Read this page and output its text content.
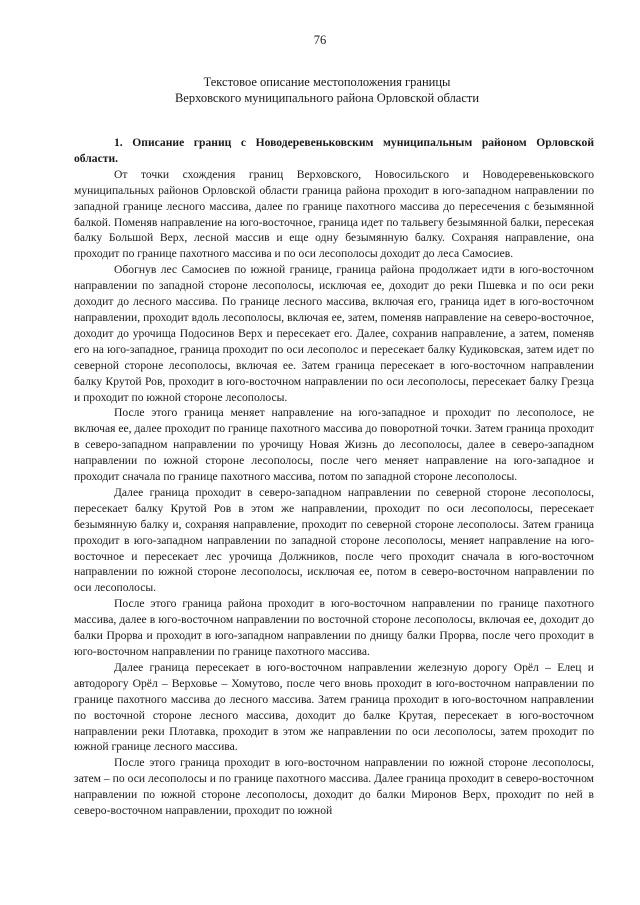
76
Текстовое описание местоположения границы
Верховского муниципального района Орловской области

1. Описание границ с Новодеревеньковским муниципальным районом Орловской области.

От точки схождения границ Верховского, Новосильского и Новодеревеньковского муниципальных районов Орловской области граница района проходит в юго-западном направлении по западной границе лесного массива, далее по границе пахотного массива до пересечения с безымянной балкой. Поменяв направление на юго-восточное, граница идет по тальвегу безымянной балки, пересекая балку Большой Верх, лесной массив и еще одну безымянную балку. Сохраняя направление, она проходит по границе пахотного массива и по оси лесополосы доходит до леса Самосиев.

Обогнув лес Самосиев по южной границе, граница района продолжает идти в юго-восточном направлении по западной стороне лесополосы, исключая ее, доходит до реки Пшевка и по оси реки доходит до лесного массива. По границе лесного массива, включая его, граница идет в юго-восточном направлении, проходит вдоль лесополосы, включая ее, затем, поменяв направление на северо-восточное, доходит до урочища Подосинов Верх и пересекает его. Далее, сохранив направление, а затем, поменяв его на юго-западное, граница проходит по оси лесополос и пересекает балку Кудиковская, затем идет по северной стороне лесополосы, включая ее. Затем граница пересекает в юго-восточном направлении балку Крутой Ров, проходит в юго-восточном направлении по оси лесополосы, пересекает балку Грезца и проходит по южной стороне лесополосы.

После этого граница меняет направление на юго-западное и проходит по лесополосе, не включая ее, далее проходит по границе пахотного массива до поворотной точки. Затем граница проходит в северо-западном направлении по урочищу Новая Жизнь до лесополосы, далее в северо-западном направлении по южной стороне лесополосы, после чего меняет направление на юго-западное и проходит сначала по границе пахотного массива, потом по западной стороне лесополосы.

Далее граница проходит в северо-западном направлении по северной стороне лесополосы, пересекает балку Крутой Ров в этом же направлении, проходит по оси лесополосы, пересекает безымянную балку и, сохраняя направление, проходит по северной стороне лесополосы. Затем граница проходит в юго-западном направлении по западной стороне лесополосы, меняет направление на юго-восточное и пересекает лес урочища Должников, после чего проходит сначала в юго-восточном направлении по южной стороне лесополосы, исключая ее, потом в северо-восточном направлении по оси лесополосы.

После этого граница района проходит в юго-восточном направлении по границе пахотного массива, далее в юго-восточном направлении по восточной стороне лесополосы, включая ее, доходит до балки Прорва и проходит в юго-западном направлении по днищу балки Прорва, после чего проходит в юго-восточном направлении по границе пахотного массива.

Далее граница пересекает в юго-восточном направлении железную дорогу Орёл – Елец и автодорогу Орёл – Верховье – Хомутово, после чего вновь проходит в юго-восточном направлении по границе пахотного массива до лесного массива. Затем граница проходит в юго-восточном направлении по восточной стороне лесного массива, доходит до балке Крутая, пересекает в юго-восточном направлении реки Плотавка, проходит в этом же направлении по оси лесополосы, затем проходит по южной границе лесного массива.

После этого граница проходит в юго-восточном направлении по южной стороне лесополосы, затем – по оси лесополосы и по границе пахотного массива. Далее граница проходит в северо-восточном направлении по южной стороне лесополосы, доходит до балки Миронов Верх, проходит по ней в северо-восточном направлении, проходит по южной
